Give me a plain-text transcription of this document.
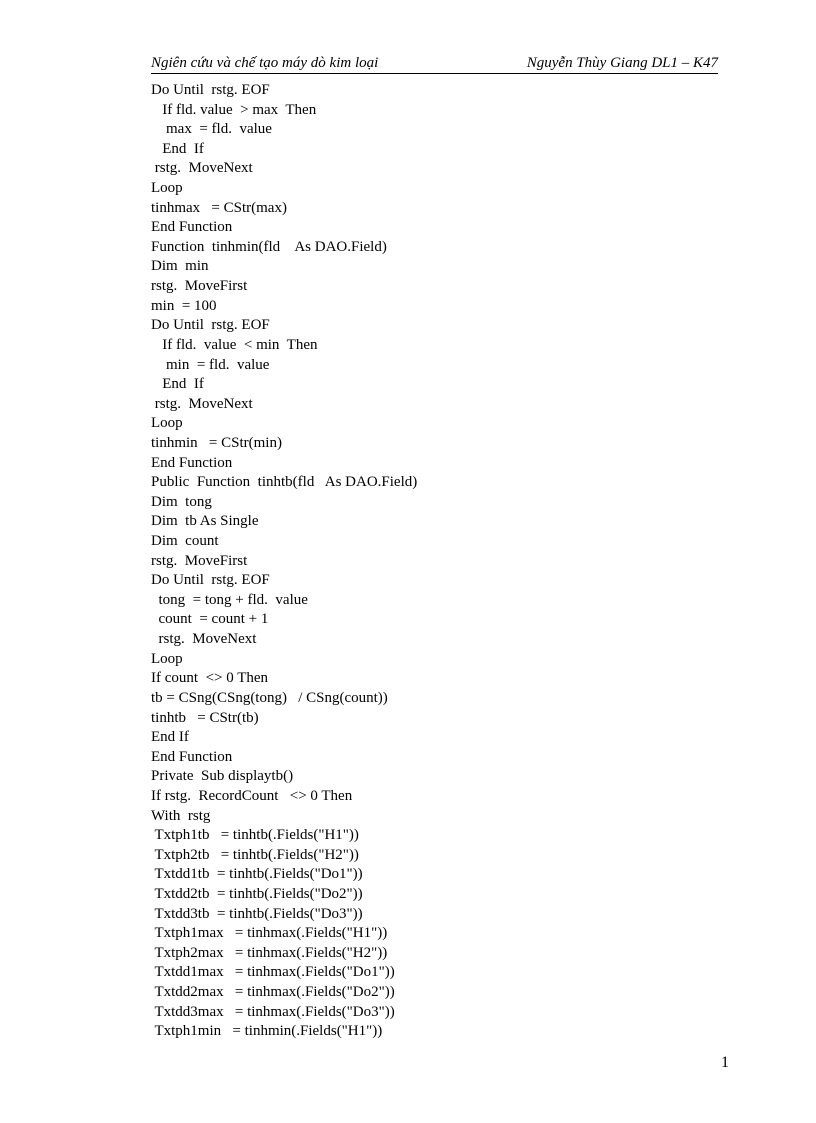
Ngiên cứu và chế tạo máy dò kim loại	Nguyễn Thùy Giang DL1 – K47
Do Until  rstg. EOF
If fld. value  > max  Then
max  = fld.  value
End  If
rstg.  MoveNext
Loop
tinhmax   = CStr(max)
End Function
Function  tinhmin(fld    As DAO.Field)
Dim  min
rstg.  MoveFirst
min  = 100
Do Until  rstg. EOF
If fld.  value  < min  Then
min  = fld.  value
End  If
rstg.  MoveNext
Loop
tinhmin   = CStr(min)
End Function
Public  Function  tinhtb(fld   As DAO.Field)
Dim  tong
Dim  tb As Single
Dim  count
rstg.  MoveFirst
Do Until  rstg. EOF
tong  = tong + fld.  value
count  = count + 1
rstg.  MoveNext
Loop
If count  <> 0 Then
tb = CSng(CSng(tong)   / CSng(count))
tinhtb   = CStr(tb)
End If
End Function
Private  Sub displaytb()
If rstg.  RecordCount   <> 0 Then
With  rstg
Txtph1tb   = tinhtb(.Fields("H1"))
Txtph2tb   = tinhtb(.Fields("H2"))
Txtdd1tb  = tinhtb(.Fields("Do1"))
Txtdd2tb  = tinhtb(.Fields("Do2"))
Txtdd3tb  = tinhtb(.Fields("Do3"))
Txtph1max   = tinhmax(.Fields("H1"))
Txtph2max   = tinhmax(.Fields("H2"))
Txtdd1max   = tinhmax(.Fields("Do1"))
Txtdd2max   = tinhmax(.Fields("Do2"))
Txtdd3max   = tinhmax(.Fields("Do3"))
Txtph1min   = tinhmin(.Fields("H1"))
1
